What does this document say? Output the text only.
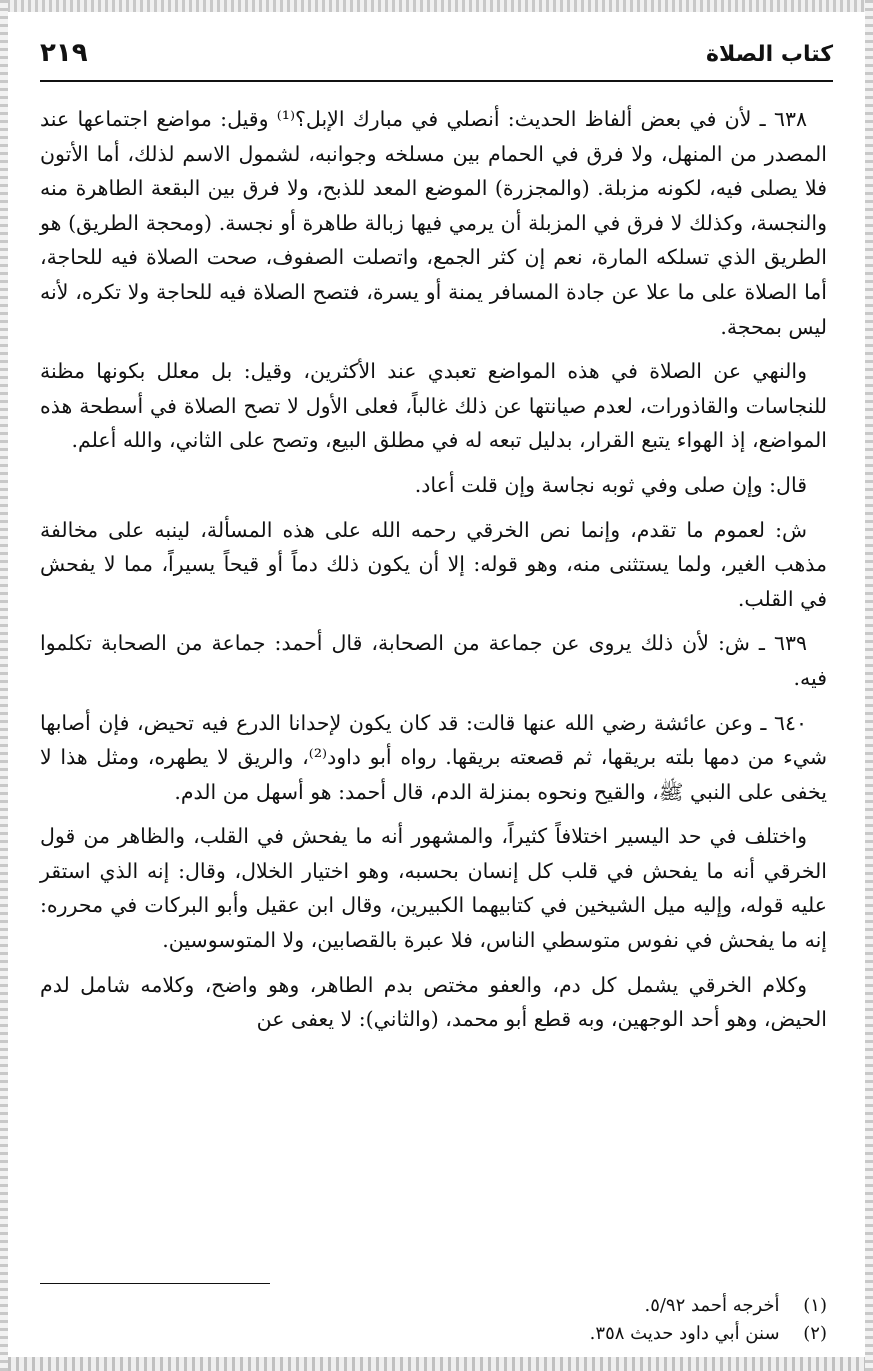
كتاب الصلاة
٢١٩

٦٣٨ ـ لأن في بعض ألفاظ الحديث: أنصلي في مبارك الإبل؟⁽¹⁾ وقيل: مواضع اجتماعها عند المصدر من المنهل، ولا فرق في الحمام بين مسلخه وجوانبه، لشمول الاسم لذلك، أما الأتون فلا يصلى فيه، لكونه مزبلة. (والمجزرة) الموضع المعد للذبح، ولا فرق بين البقعة الطاهرة منه والنجسة، وكذلك لا فرق في المزبلة أن يرمي فيها زبالة طاهرة أو نجسة. (ومحجة الطريق) هو الطريق الذي تسلكه المارة، نعم إن كثر الجمع، واتصلت الصفوف، صحت الصلاة فيه للحاجة، أما الصلاة على ما علا عن جادة المسافر يمنة أو يسرة، فتصح الصلاة فيه للحاجة ولا تكره، لأنه ليس بمحجة.

والنهي عن الصلاة في هذه المواضع تعبدي عند الأكثرين، وقيل: بل معلل بكونها مظنة للنجاسات والقاذورات، لعدم صيانتها عن ذلك غالباً، فعلى الأول لا تصح الصلاة في أسطحة هذه المواضع، إذ الهواء يتبع القرار، بدليل تبعه له في مطلق البيع، وتصح على الثاني، والله أعلم.

قال: وإن صلى وفي ثوبه نجاسة وإن قلت أعاد.

ش: لعموم ما تقدم، وإنما نص الخرقي رحمه الله على هذه المسألة، لينبه على مخالفة مذهب الغير، ولما يستثنى منه، وهو قوله: إلا أن يكون ذلك دماً أو قيحاً يسيراً، مما لا يفحش في القلب.

٦٣٩ ـ ش: لأن ذلك يروى عن جماعة من الصحابة، قال أحمد: جماعة من الصحابة تكلموا فيه.

٦٤٠ ـ وعن عائشة رضي الله عنها قالت: قد كان يكون لإحدانا الدرع فيه تحيض، فإن أصابها شيء من دمها بلته بريقها، ثم قصعته بريقها. رواه أبو داود⁽²⁾، والريق لا يطهره، ومثل هذا لا يخفى على النبي ﷺ، والقيح ونحوه بمنزلة الدم، قال أحمد: هو أسهل من الدم.

واختلف في حد اليسير اختلافاً كثيراً، والمشهور أنه ما يفحش في القلب، والظاهر من قول الخرقي أنه ما يفحش في قلب كل إنسان بحسبه، وهو اختيار الخلال، وقال: إنه الذي استقر عليه قوله، وإليه ميل الشيخين في كتابيهما الكبيرين، وقال ابن عقيل وأبو البركات في محرره: إنه ما يفحش في نفوس متوسطي الناس، فلا عبرة بالقصابين، ولا المتوسوسين.

وكلام الخرقي يشمل كل دم، والعفو مختص بدم الطاهر، وهو واضح، وكلامه شامل لدم الحيض، وهو أحد الوجهين، وبه قطع أبو محمد، (والثاني): لا يعفى عن

(١) أخرجه أحمد ٥/٩٢.

(٢) سنن أبي داود حديث ٣٥٨.
